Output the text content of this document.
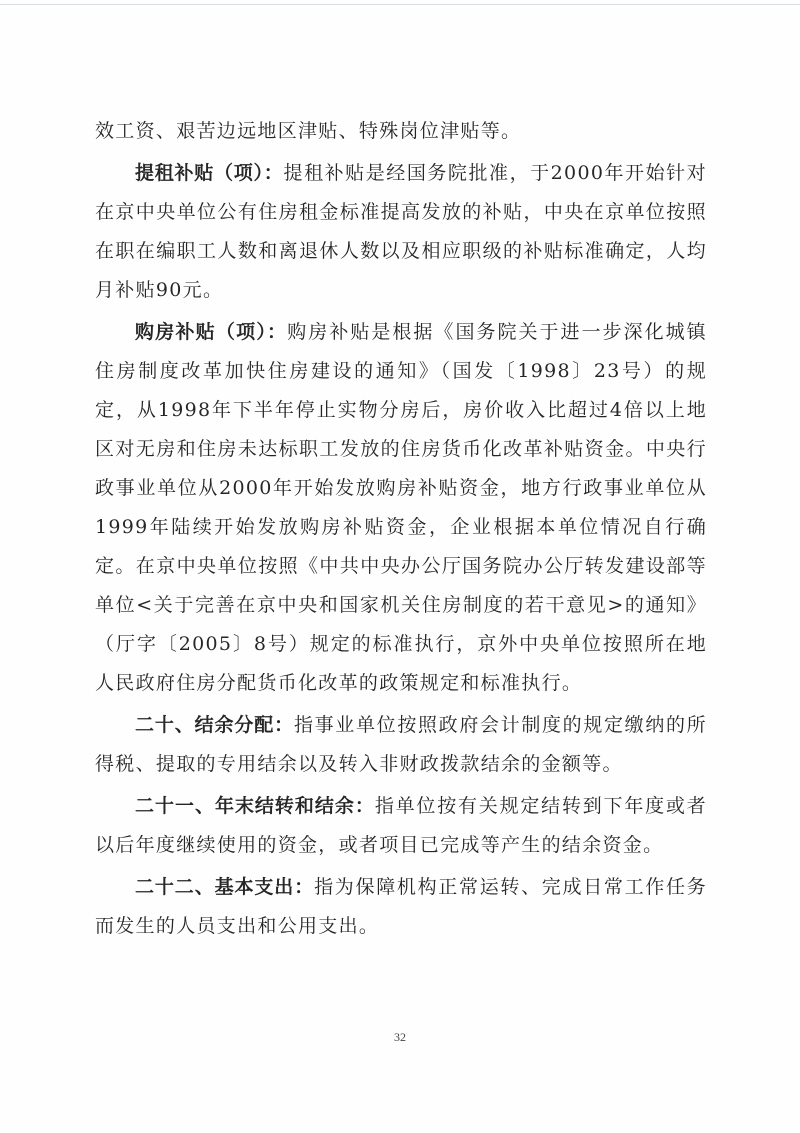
效工资、艰苦边远地区津贴、特殊岗位津贴等。

提租补贴（项）：提租补贴是经国务院批准，于2000年开始针对在京中央单位公有住房租金标准提高发放的补贴，中央在京单位按照在职在编职工人数和离退休人数以及相应职级的补贴标准确定，人均月补贴90元。

购房补贴（项）：购房补贴是根据《国务院关于进一步深化城镇住房制度改革加快住房建设的通知》（国发〔1998〕23号）的规定，从1998年下半年停止实物分房后，房价收入比超过4倍以上地区对无房和住房未达标职工发放的住房货币化改革补贴资金。中央行政事业单位从2000年开始发放购房补贴资金，地方行政事业单位从1999年陆续开始发放购房补贴资金，企业根据本单位情况自行确定。在京中央单位按照《中共中央办公厅国务院办公厅转发建设部等单位<关于完善在京中央和国家机关住房制度的若干意见>的通知》（厅字〔2005〕8号）规定的标准执行，京外中央单位按照所在地人民政府住房分配货币化改革的政策规定和标准执行。

二十、结余分配：指事业单位按照政府会计制度的规定缴纳的所得税、提取的专用结余以及转入非财政拨款结余的金额等。

二十一、年末结转和结余：指单位按有关规定结转到下年度或者以后年度继续使用的资金，或者项目已完成等产生的结余资金。

二十二、基本支出：指为保障机构正常运转、完成日常工作任务而发生的人员支出和公用支出。

32
